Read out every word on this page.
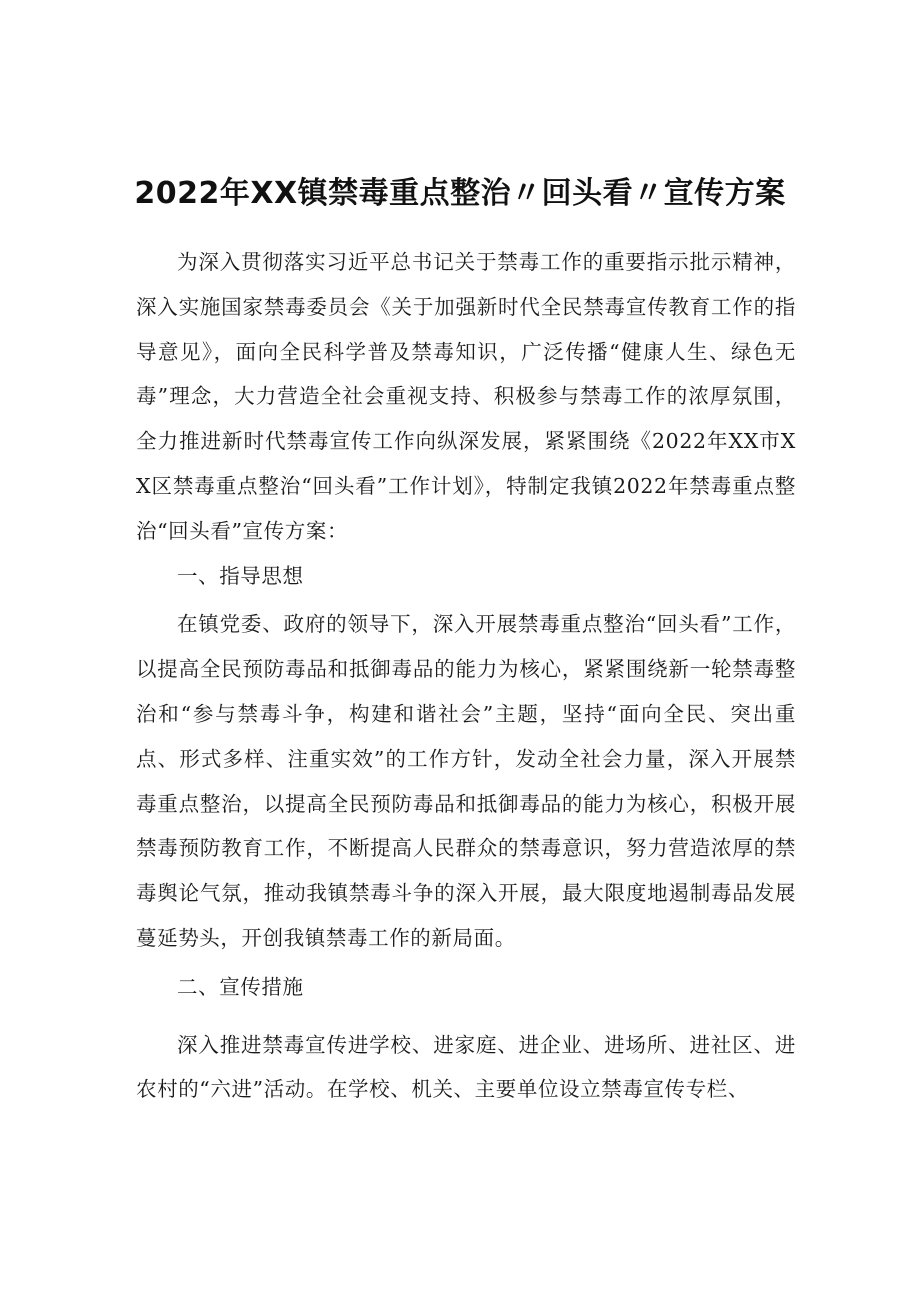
2022年XX镇禁毒重点整治〃回头看〃宣传方案

为深入贯彻落实习近平总书记关于禁毒工作的重要指示批示精神，深入实施国家禁毒委员会《关于加强新时代全民禁毒宣传教育工作的指导意见》，面向全民科学普及禁毒知识，广泛传播“健康人生、绿色无毒”理念，大力营造全社会重视支持、积极参与禁毒工作的浓厚氛围，全力推进新时代禁毒宣传工作向纵深发展，紧紧围绕《2022年XX市XX区禁毒重点整治“回头看”工作计划》，特制定我镇2022年禁毒重点整治“回头看”宣传方案：

一、指导思想

在镇党委、政府的领导下，深入开展禁毒重点整治“回头看”工作，以提高全民预防毒品和抵御毒品的能力为核心，紧紧围绕新一轮禁毒整治和“参与禁毒斗争，构建和谐社会”主题，坚持“面向全民、突出重点、形式多样、注重实效”的工作方针，发动全社会力量，深入开展禁毒重点整治，以提高全民预防毒品和抵御毒品的能力为核心，积极开展禁毒预防教育工作，不断提高人民群众的禁毒意识，努力营造浓厚的禁毒舆论气氛，推动我镇禁毒斗争的深入开展，最大限度地遏制毒品发展蔓延势头，开创我镇禁毒工作的新局面。

二、宣传措施

深入推进禁毒宣传进学校、进家庭、进企业、进场所、进社区、进农村的“六进”活动。在学校、机关、主要单位设立禁毒宣传专栏、
